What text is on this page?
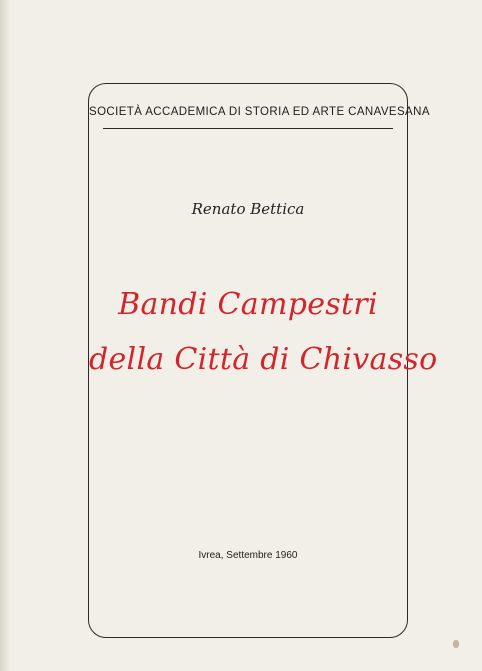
SOCIETÀ ACCADEMICA DI STORIA ED ARTE CANAVESANA
Renato Bettica
Bandi Campestri
della Città di Chivasso
Ivrea, Settembre 1960
